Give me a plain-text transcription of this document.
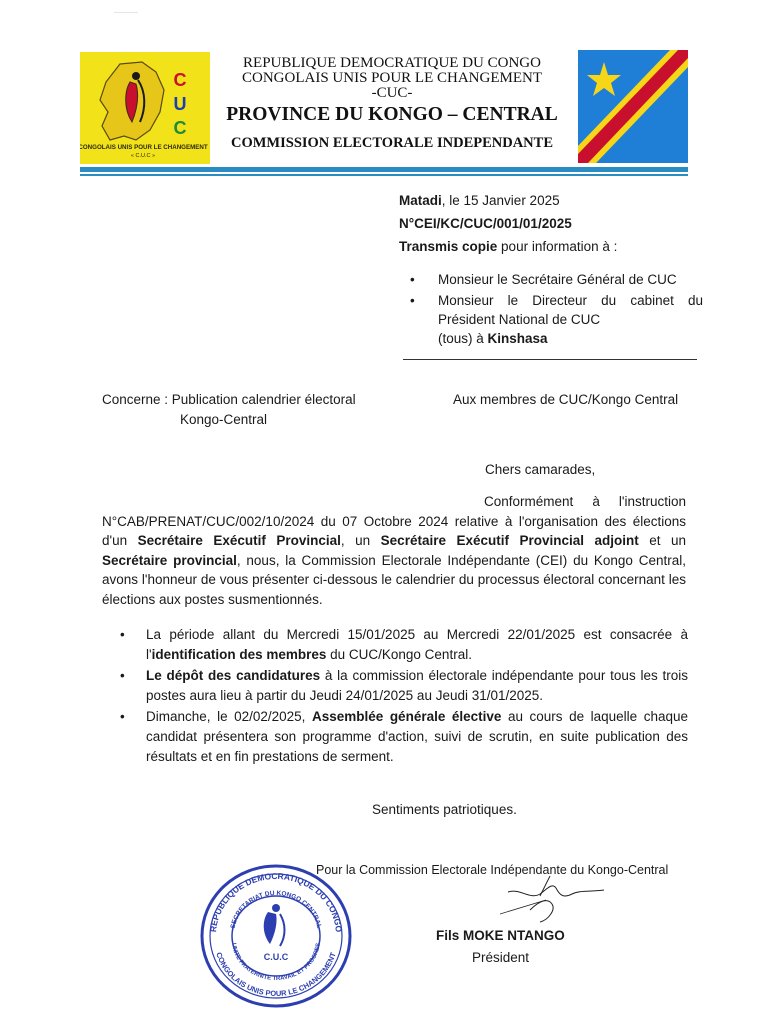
C
U
C
CONGOLAIS UNIS POUR LE CHANGEMENT
« C.U.C »
REPUBLIQUE DEMOCRATIQUE DU CONGO
CONGOLAIS UNIS POUR LE CHANGEMENT
-CUC-
PROVINCE DU KONGO – CENTRAL
COMMISSION ELECTORALE INDEPENDANTE
Matadi, le 15 Janvier 2025
N°CEI/KC/CUC/001/01/2025
Transmis copie pour information à :
• Monsieur le Secrétaire Général de CUC
• Monsieur le Directeur du cabinet du Président National de CUC
(tous) à Kinshasa
Concerne : Publication calendrier électoral
Kongo-Central
Aux membres de CUC/Kongo Central
Chers camarades,

Conformément à l'instruction N°CAB/PRENAT/CUC/002/10/2024 du 07 Octobre 2024 relative à l'organisation des élections d'un Secrétaire Exécutif Provincial, un Secrétaire Exécutif Provincial adjoint et un Secrétaire provincial, nous, la Commission Electorale Indépendante (CEI) du Kongo Central, avons l'honneur de vous présenter ci-dessous le calendrier du processus électoral concernant les élections aux postes susmentionnés.

• La période allant du Mercredi 15/01/2025 au Mercredi 22/01/2025 est consacrée à l'identification des membres du CUC/Kongo Central.
• Le dépôt des candidatures à la commission électorale indépendante pour tous les trois postes aura lieu à partir du Jeudi 24/01/2025 au Jeudi 31/01/2025.
• Dimanche, le 02/02/2025, Assemblée générale élective au cours de laquelle chaque candidat présentera son programme d'action, suivi de scrutin, en suite publication des résultats et en fin prestations de serment.
Sentiments patriotiques.
Pour la Commission Electorale Indépendante du Kongo-Central
Fils MOKE NTANGO
Président
REPUBLIQUE DEMOCRATIQUE DU CONGO
SECRETARIAT DU KONGO CENTRAL
UNITE FRATERNITE TRAVAIL ET PROGRES
CONGOLAIS UNIS POUR LE CHANGEMENT
C.U.C
